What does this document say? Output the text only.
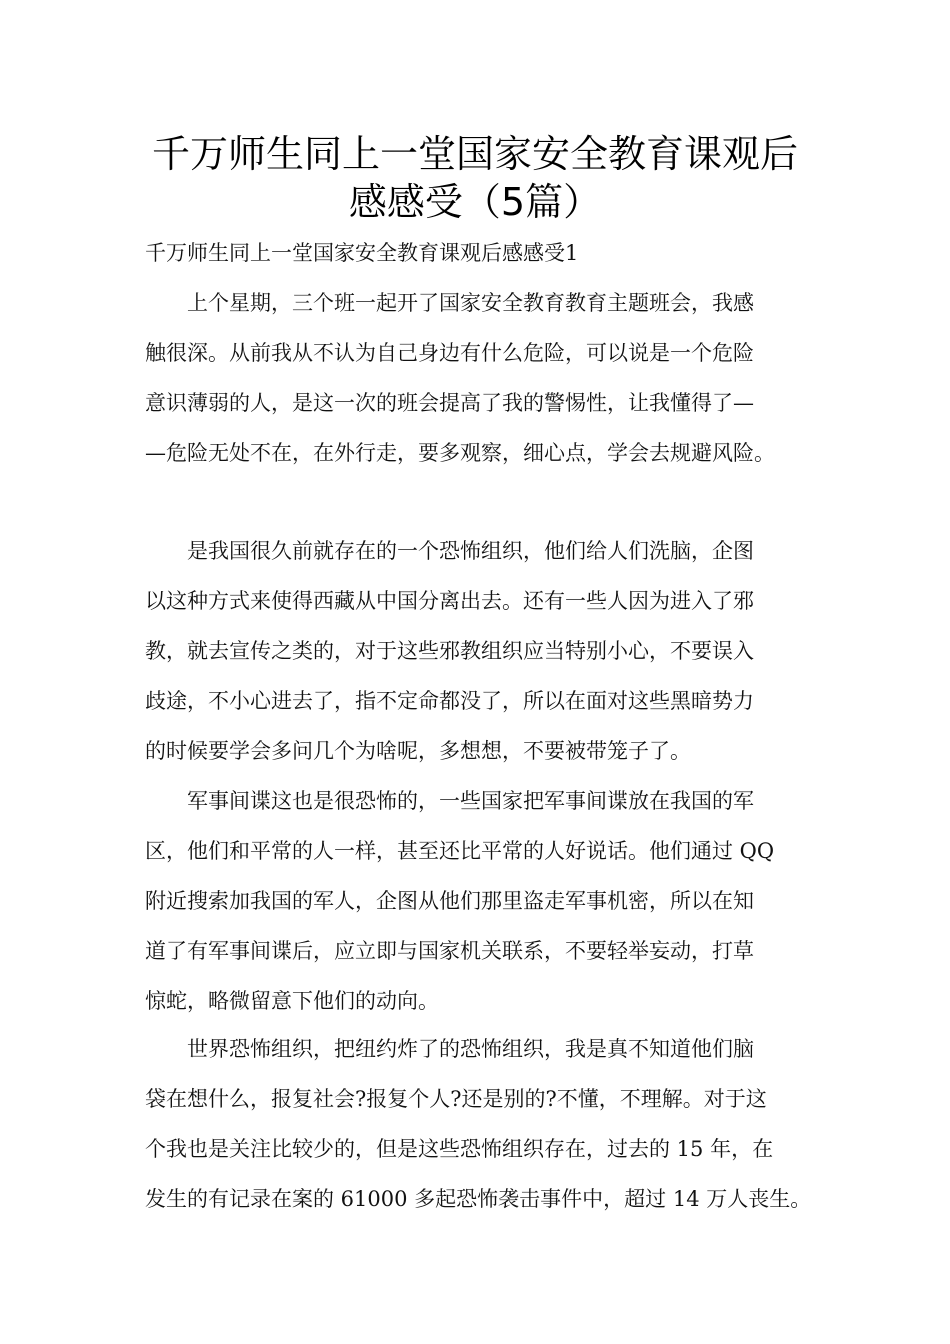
千万师生同上一堂国家安全教育课观后
感感受（5篇）
千万师生同上一堂国家安全教育课观后感感受1
　　上个星期，三个班一起开了国家安全教育教育主题班会，我感
触很深。从前我从不认为自己身边有什么危险，可以说是一个危险
意识薄弱的人，是这一次的班会提高了我的警惕性，让我懂得了—
—危险无处不在，在外行走，要多观察，细心点，学会去规避风险。
　　是我国很久前就存在的一个恐怖组织，他们给人们洗脑，企图
以这种方式来使得西藏从中国分离出去。还有一些人因为进入了邪
教，就去宣传之类的，对于这些邪教组织应当特别小心，不要误入
歧途，不小心进去了，指不定命都没了，所以在面对这些黑暗势力
的时候要学会多问几个为啥呢，多想想，不要被带笼子了。
　　军事间谍这也是很恐怖的，一些国家把军事间谍放在我国的军
区，他们和平常的人一样，甚至还比平常的人好说话。他们通过 QQ
附近搜索加我国的军人，企图从他们那里盗走军事机密，所以在知
道了有军事间谍后，应立即与国家机关联系，不要轻举妄动，打草
惊蛇，略微留意下他们的动向。
　　世界恐怖组织，把纽约炸了的恐怖组织，我是真不知道他们脑
袋在想什么，报复社会?报复个人?还是别的?不懂，不理解。对于这
个我也是关注比较少的，但是这些恐怖组织存在，过去的 15 年，在
发生的有记录在案的 61000 多起恐怖袭击事件中，超过 14 万人丧生。
